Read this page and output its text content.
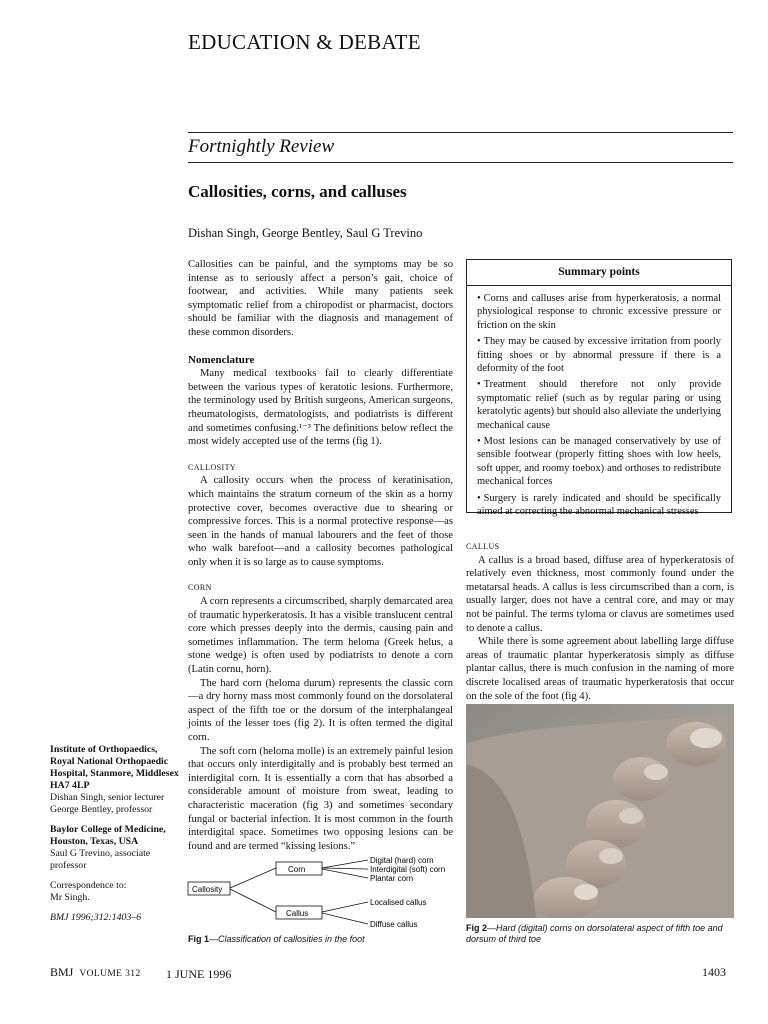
EDUCATION & DEBATE
Fortnightly Review
Callosities, corns, and calluses
Dishan Singh, George Bentley, Saul G Trevino

Callosities can be painful, and the symptoms may be so intense as to seriously affect a person’s gait, choice of footwear, and activities. While many patients seek symptomatic relief from a chiropodist or pharmacist, doctors should be familiar with the diagnosis and management of these common disorders.

Nomenclature

Many medical textbooks fail to clearly differentiate between the various types of keratotic lesions. Furthermore, the terminology used by British surgeons, American surgeons, rheumatologists, dermatologists, and podiatrists is different and sometimes confusing.¹⁻³ The definitions below reflect the most widely accepted use of the terms (fig 1).

CALLOSITY

A callosity occurs when the process of keratinisation, which maintains the stratum corneum of the skin as a horny protective cover, becomes overactive due to shearing or compressive forces. This is a normal protective response—as seen in the hands of manual labourers and the feet of those who walk barefoot—and a callosity becomes pathological only when it is so large as to cause symptoms.

CORN

A corn represents a circumscribed, sharply demarcated area of traumatic hyperkeratosis. It has a visible translucent central core which presses deeply into the dermis, causing pain and sometimes inflammation. The term heloma (Greek helus, a stone wedge) is often used by podiatrists to denote a corn (Latin cornu, horn).

The hard corn (heloma durum) represents the classic corn—a dry horny mass most commonly found on the dorsolateral aspect of the fifth toe or the dorsum of the interphalangeal joints of the lesser toes (fig 2). It is often termed the digital corn.

The soft corn (heloma molle) is an extremely painful lesion that occurs only interdigitally and is probably best termed an interdigital corn. It is essentially a corn that has absorbed a considerable amount of moisture from sweat, leading to characteristic maceration (fig 3) and sometimes secondary fungal or bacterial infection. It is most common in the fourth interdigital space. Sometimes two opposing lesions can be found and are termed “kissing lesions.”

Summary points
• Corns and calluses arise from hyperkeratosis, a normal physiological response to chronic excessive pressure or friction on the skin
• They may be caused by excessive irritation from poorly fitting shoes or by abnormal pressure if there is a deformity of the foot
• Treatment should therefore not only provide symptomatic relief (such as by regular paring or using keratolytic agents) but should also alleviate the underlying mechanical cause
• Most lesions can be managed conservatively by use of sensible footwear (properly fitting shoes with low heels, soft upper, and roomy toebox) and orthoses to redistribute mechanical forces
• Surgery is rarely indicated and should be specifically aimed at correcting the abnormal mechanical stresses

CALLUS

A callus is a broad based, diffuse area of hyperkeratosis of relatively even thickness, most commonly found under the metatarsal heads. A callus is less circumscribed than a corn, is usually larger, does not have a central core, and may or may not be painful. The terms tyloma or clavus are sometimes used to denote a callus.

While there is some agreement about labelling large diffuse areas of traumatic plantar hyperkeratosis simply as diffuse plantar callus, there is much confusion in the naming of more discrete localised areas of traumatic hyperkeratosis that occur on the sole of the foot (fig 4).

Institute of Orthopaedics, Royal National Orthopaedic Hospital, Stanmore, Middlesex HA7 4LP
Dishan Singh, senior lecturer
George Bentley, professor
Baylor College of Medicine, Houston, Texas, USA
Saul G Trevino, associate professor
Correspondence to:
Mr Singh.
BMJ 1996;312:1403–6
Callosity
Corn
Callus
Digital (hard) corn
Interdigital (soft) corn
Plantar corn
Localised callus
Diffuse callus
Fig 1—Classification of callosities in the foot
Fig 2—Hard (digital) corns on dorsolateral aspect of fifth toe and dorsum of third toe
BMJ VOLUME 312 1 JUNE 1996	1403
